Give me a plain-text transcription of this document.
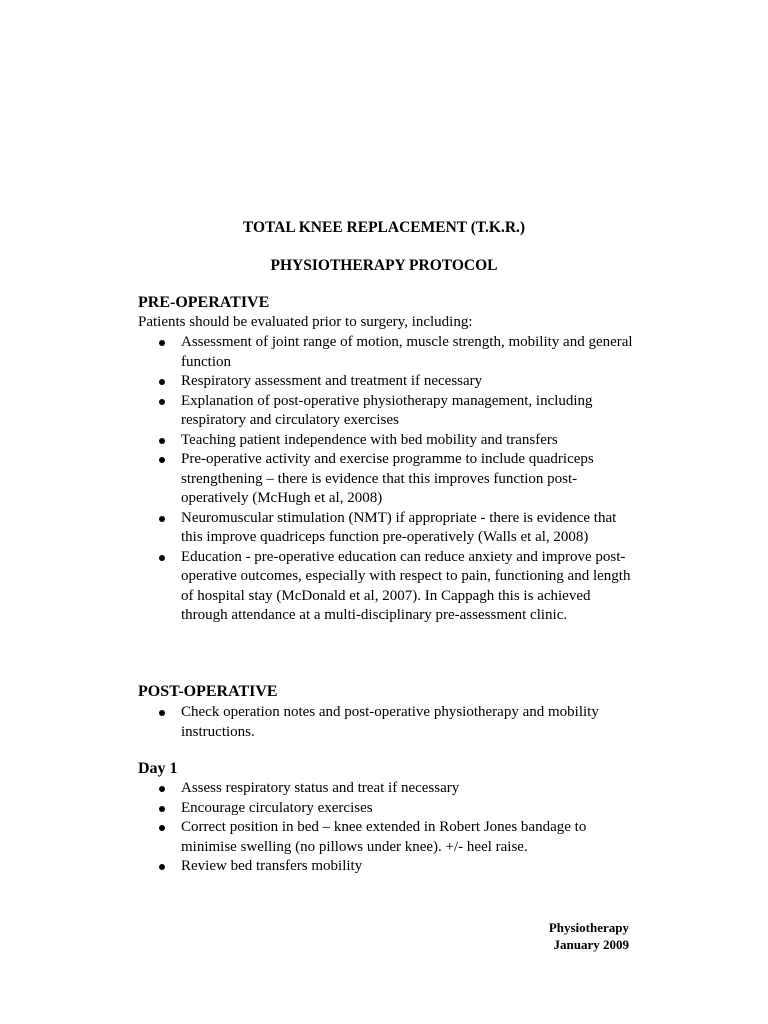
TOTAL KNEE REPLACEMENT (T.K.R.)
PHYSIOTHERAPY PROTOCOL
PRE-OPERATIVE
Patients should be evaluated prior to surgery, including:
Assessment of joint range of motion, muscle strength, mobility and general function
Respiratory assessment and treatment if necessary
Explanation of post-operative physiotherapy management, including respiratory and circulatory exercises
Teaching patient independence with bed mobility and transfers
Pre-operative activity and exercise programme to include quadriceps strengthening – there is evidence that this improves function post-operatively (McHugh et al, 2008)
Neuromuscular stimulation (NMT) if appropriate - there is evidence that this improve quadriceps function pre-operatively (Walls et al, 2008)
Education - pre-operative education can reduce anxiety and improve post-operative outcomes, especially with respect to pain, functioning and length of hospital stay (McDonald et al, 2007). In Cappagh this is achieved through attendance at a multi-disciplinary pre-assessment clinic.
POST-OPERATIVE
Check operation notes and post-operative physiotherapy and mobility instructions.
Day 1
Assess respiratory status and treat if necessary
Encourage circulatory exercises
Correct position in bed – knee extended in Robert Jones bandage to minimise swelling (no pillows under knee). +/- heel raise.
Review bed transfers mobility
Physiotherapy
January 2009
